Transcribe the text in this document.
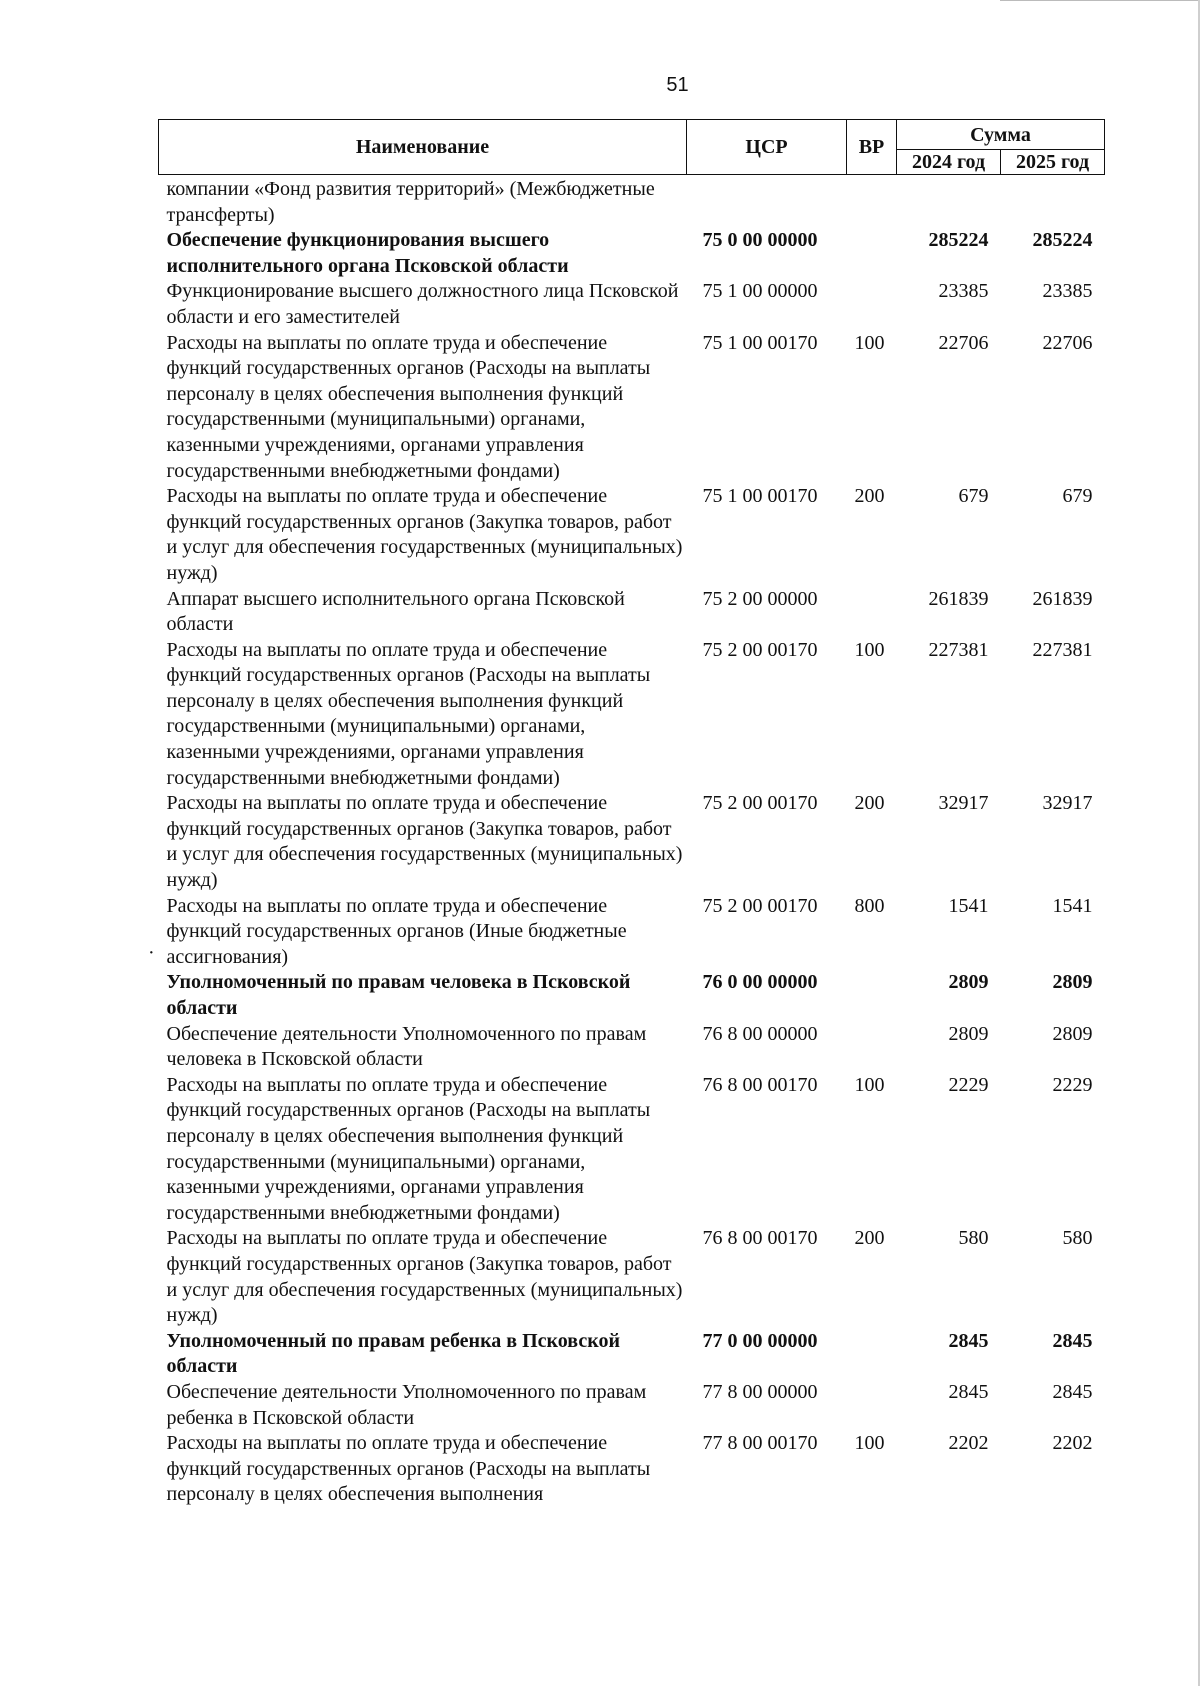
51
·
Наименование	ЦСР	ВР	Сумма	
			2024 год	2025 год
компании «Фонд развития территорий» (Межбюджетные трансферты)				
Обеспечение функционирования высшего исполнительного органа Псковской области	75 0 00 00000		285224	285224
Функционирование высшего должностного лица Псковской области и его заместителей	75 1 00 00000		23385	23385
Расходы на выплаты по оплате труда и обеспечение функций государственных органов (Расходы на выплаты персоналу в целях обеспечения выполнения функций государственными (муниципальными) органами, казенными учреждениями, органами управления государственными внебюджетными фондами)	75 1 00 00170	100	22706	22706
Расходы на выплаты по оплате труда и обеспечение функций государственных органов (Закупка товаров, работ и услуг для обеспечения государственных (муниципальных) нужд)	75 1 00 00170	200	679	679
Аппарат высшего исполнительного органа Псковской области	75 2 00 00000		261839	261839
Расходы на выплаты по оплате труда и обеспечение функций государственных органов (Расходы на выплаты персоналу в целях обеспечения выполнения функций государственными (муниципальными) органами, казенными учреждениями, органами управления государственными внебюджетными фондами)	75 2 00 00170	100	227381	227381
Расходы на выплаты по оплате труда и обеспечение функций государственных органов (Закупка товаров, работ и услуг для обеспечения государственных (муниципальных) нужд)	75 2 00 00170	200	32917	32917
Расходы на выплаты по оплате труда и обеспечение функций государственных органов (Иные бюджетные ассигнования)	75 2 00 00170	800	1541	1541
Уполномоченный по правам человека в Псковской области	76 0 00 00000		2809	2809
Обеспечение деятельности Уполномоченного по правам человека в Псковской области	76 8 00 00000		2809	2809
Расходы на выплаты по оплате труда и обеспечение функций государственных органов (Расходы на выплаты персоналу в целях обеспечения выполнения функций государственными (муниципальными) органами, казенными учреждениями, органами управления государственными внебюджетными фондами)	76 8 00 00170	100	2229	2229
Расходы на выплаты по оплате труда и обеспечение функций государственных органов (Закупка товаров, работ и услуг для обеспечения государственных (муниципальных) нужд)	76 8 00 00170	200	580	580
Уполномоченный по правам ребенка в Псковской области	77 0 00 00000		2845	2845
Обеспечение деятельности Уполномоченного по правам ребенка в Псковской области	77 8 00 00000		2845	2845
Расходы на выплаты по оплате труда и обеспечение функций государственных органов (Расходы на выплаты персоналу в целях обеспечения выполнения	77 8 00 00170	100	2202	2202
